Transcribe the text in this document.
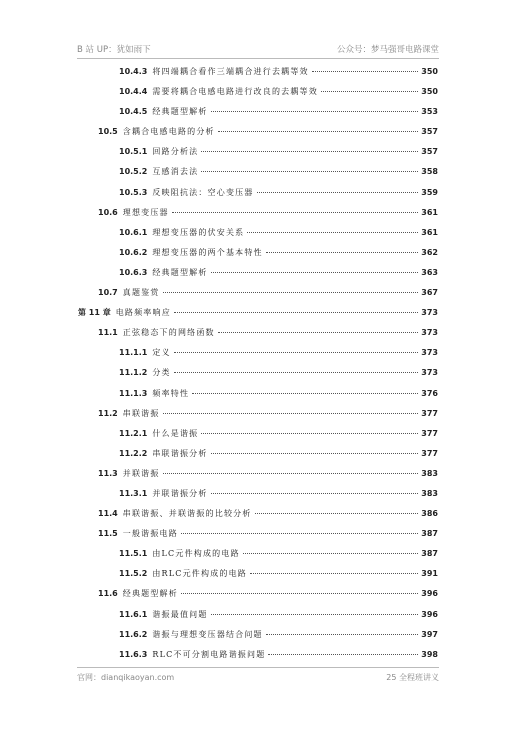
B 站 UP：犹如雨下	公众号：梦马强哥电路课堂
10.4.3 将四端耦合看作三端耦合进行去耦等效	350
10.4.4 需要将耦合电感电路进行改良的去耦等效	350
10.4.5 经典题型解析	353
10.5 含耦合电感电路的分析	357
10.5.1 回路分析法	357
10.5.2 互感消去法	358
10.5.3 反映阻抗法：空心变压器	359
10.6 理想变压器	361
10.6.1 理想变压器的伏安关系	361
10.6.2 理想变压器的两个基本特性	362
10.6.3 经典题型解析	363
10.7 真题鉴赏	367
第 11 章 电路频率响应	373
11.1 正弦稳态下的网络函数	373
11.1.1 定义	373
11.1.2 分类	373
11.1.3 频率特性	376
11.2 串联谐振	377
11.2.1 什么是谐振	377
11.2.2 串联谐振分析	377
11.3 并联谐振	383
11.3.1 并联谐振分析	383
11.4 串联谐振、并联谐振的比较分析	386
11.5 一般谐振电路	387
11.5.1 由LC元件构成的电路	387
11.5.2 由RLC元件构成的电路	391
11.6 经典题型解析	396
11.6.1 谐振最值问题	396
11.6.2 谐振与理想变压器结合问题	397
11.6.3 RLC不可分割电路谐振问题	398
官网：dianqikaoyan.com	25 全程班讲义
